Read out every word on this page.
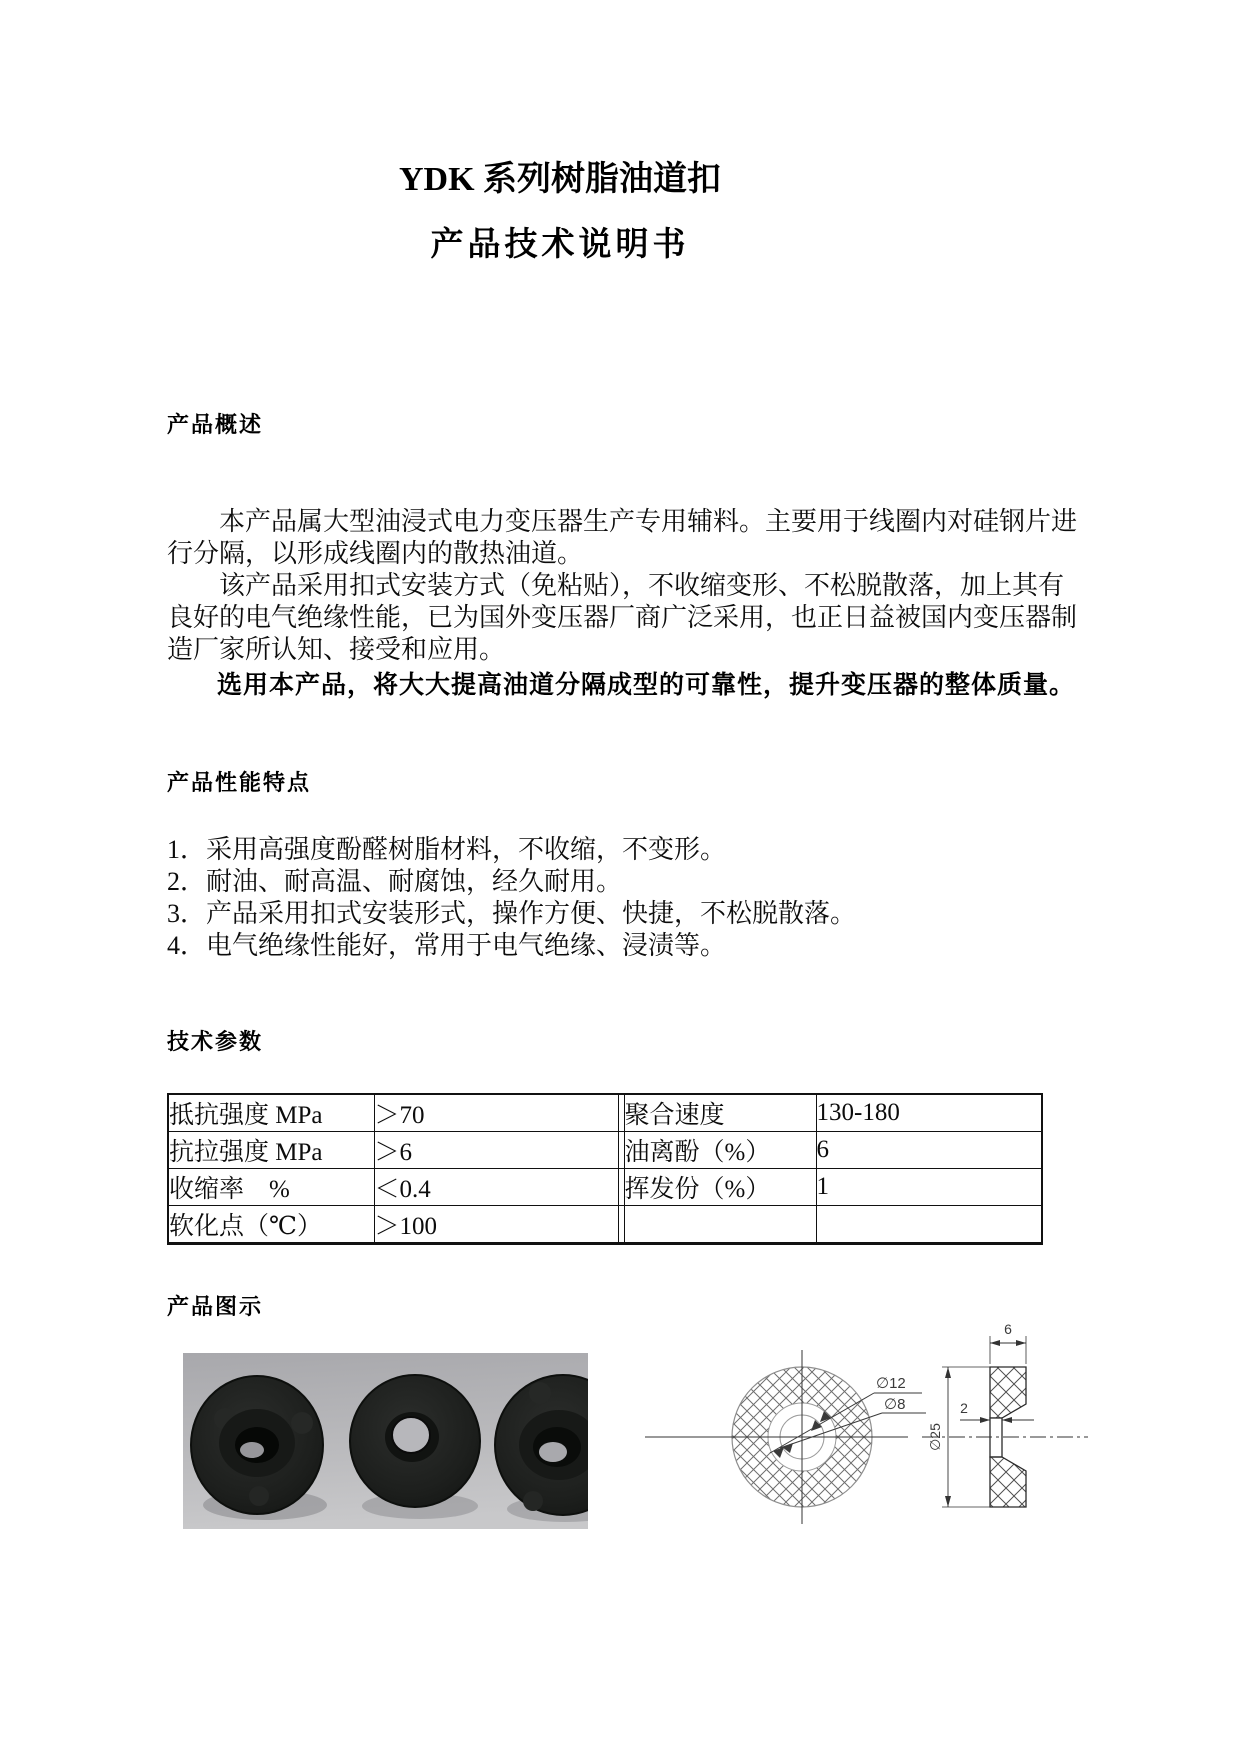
YDK 系列树脂油道扣
产品技术说明书
产品概述
本产品属大型油浸式电力变压器生产专用辅料。主要用于线圈内对硅钢片进
行分隔，以形成线圈内的散热油道。
该产品采用扣式安装方式（免粘贴），不收缩变形、不松脱散落，加上其有
良好的电气绝缘性能，已为国外变压器厂商广泛采用，也正日益被国内变压器制
造厂家所认知、接受和应用。
选用本产品，将大大提高油道分隔成型的可靠性，提升变压器的整体质量。
产品性能特点
1．采用高强度酚醛树脂材料，不收缩，不变形。
2．耐油、耐高温、耐腐蚀，经久耐用。
3．产品采用扣式安装形式，操作方便、快捷，不松脱散落。
4．电气绝缘性能好，常用于电气绝缘、浸渍等。
技术参数
抵抗强度 MPa	＞70		聚合速度	130-180
抗拉强度 MPa	＞6		油离酚（%）	6
收缩率　%	＜0.4		挥发份（%）	1
软化点（℃）	＞100			
产品图示
∅12
∅8
6
∅25
2
